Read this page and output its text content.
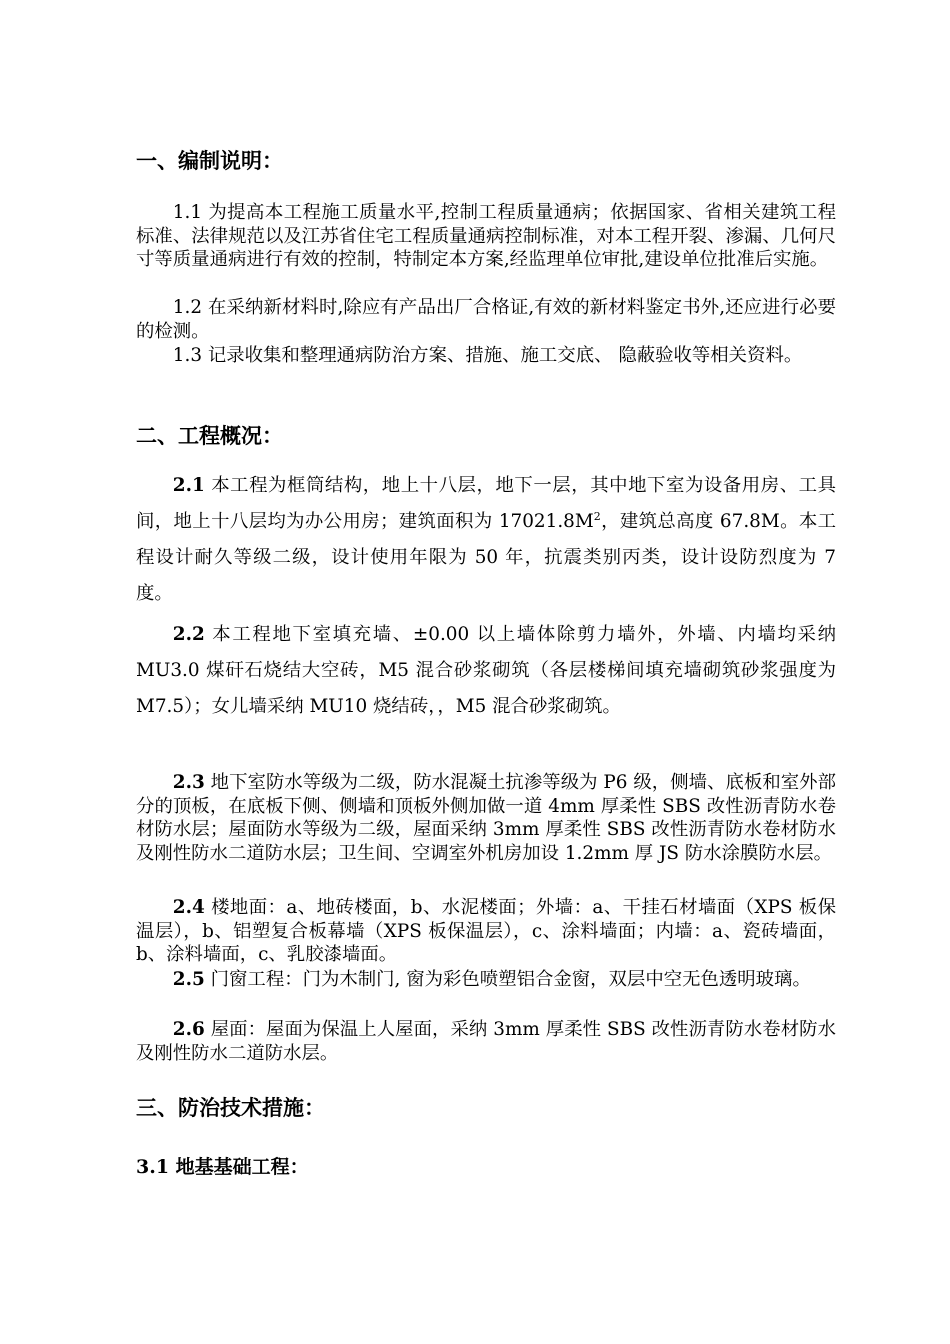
一、编制说明：
1.1 为提高本工程施工质量水平,控制工程质量通病；依据国家、省相关建筑工程标准、法律规范以及江苏省住宅工程质量通病控制标准，对本工程开裂、渗漏、几何尺寸等质量通病进行有效的控制，特制定本方案,经监理单位审批,建设单位批准后实施。
1.2 在采纳新材料时,除应有产品出厂合格证,有效的新材料鉴定书外,还应进行必要的检测。
1.3 记录收集和整理通病防治方案、措施、施工交底、 隐蔽验收等相关资料。
二、工程概况：
2.1 本工程为框筒结构，地上十八层，地下一层，其中地下室为设备用房、工具间，地上十八层均为办公用房；建筑面积为 $17021.8M^2$，建筑总高度 67.8M。本工程设计耐久等级二级，设计使用年限为 50 年，抗震类别丙类，设计设防烈度为 7 度。
2.2 本工程地下室填充墙、±0.00 以上墙体除剪力墙外，外墙、内墙均采纳 MU3.0 煤矸石烧结大空砖，M5 混合砂浆砌筑（各层楼梯间填充墙砌筑砂浆强度为 M7.5）；女儿墙采纳 MU10 烧结砖，，M5 混合砂浆砌筑。
2.3 地下室防水等级为二级，防水混凝土抗渗等级为 P6 级，侧墙、底板和室外部分的顶板，在底板下侧、侧墙和顶板外侧加做一道 4mm 厚柔性 SBS 改性沥青防水卷材防水层；屋面防水等级为二级，屋面采纳 3mm 厚柔性 SBS 改性沥青防水卷材防水及刚性防水二道防水层；卫生间、空调室外机房加设 1.2mm 厚 JS 防水涂膜防水层。
2.4 楼地面：a、地砖楼面，b、水泥楼面；外墙：a、干挂石材墙面（XPS 板保温层），b、铝塑复合板幕墙（XPS 板保温层），c、涂料墙面；内墙：a、瓷砖墙面，b、涂料墙面，c、乳胶漆墙面。
2.5 门窗工程：门为木制门, 窗为彩色喷塑铝合金窗，双层中空无色透明玻璃。
2.6 屋面：屋面为保温上人屋面，采纳 3mm 厚柔性 SBS 改性沥青防水卷材防水及刚性防水二道防水层。
三、防治技术措施：
3.1 地基基础工程：
